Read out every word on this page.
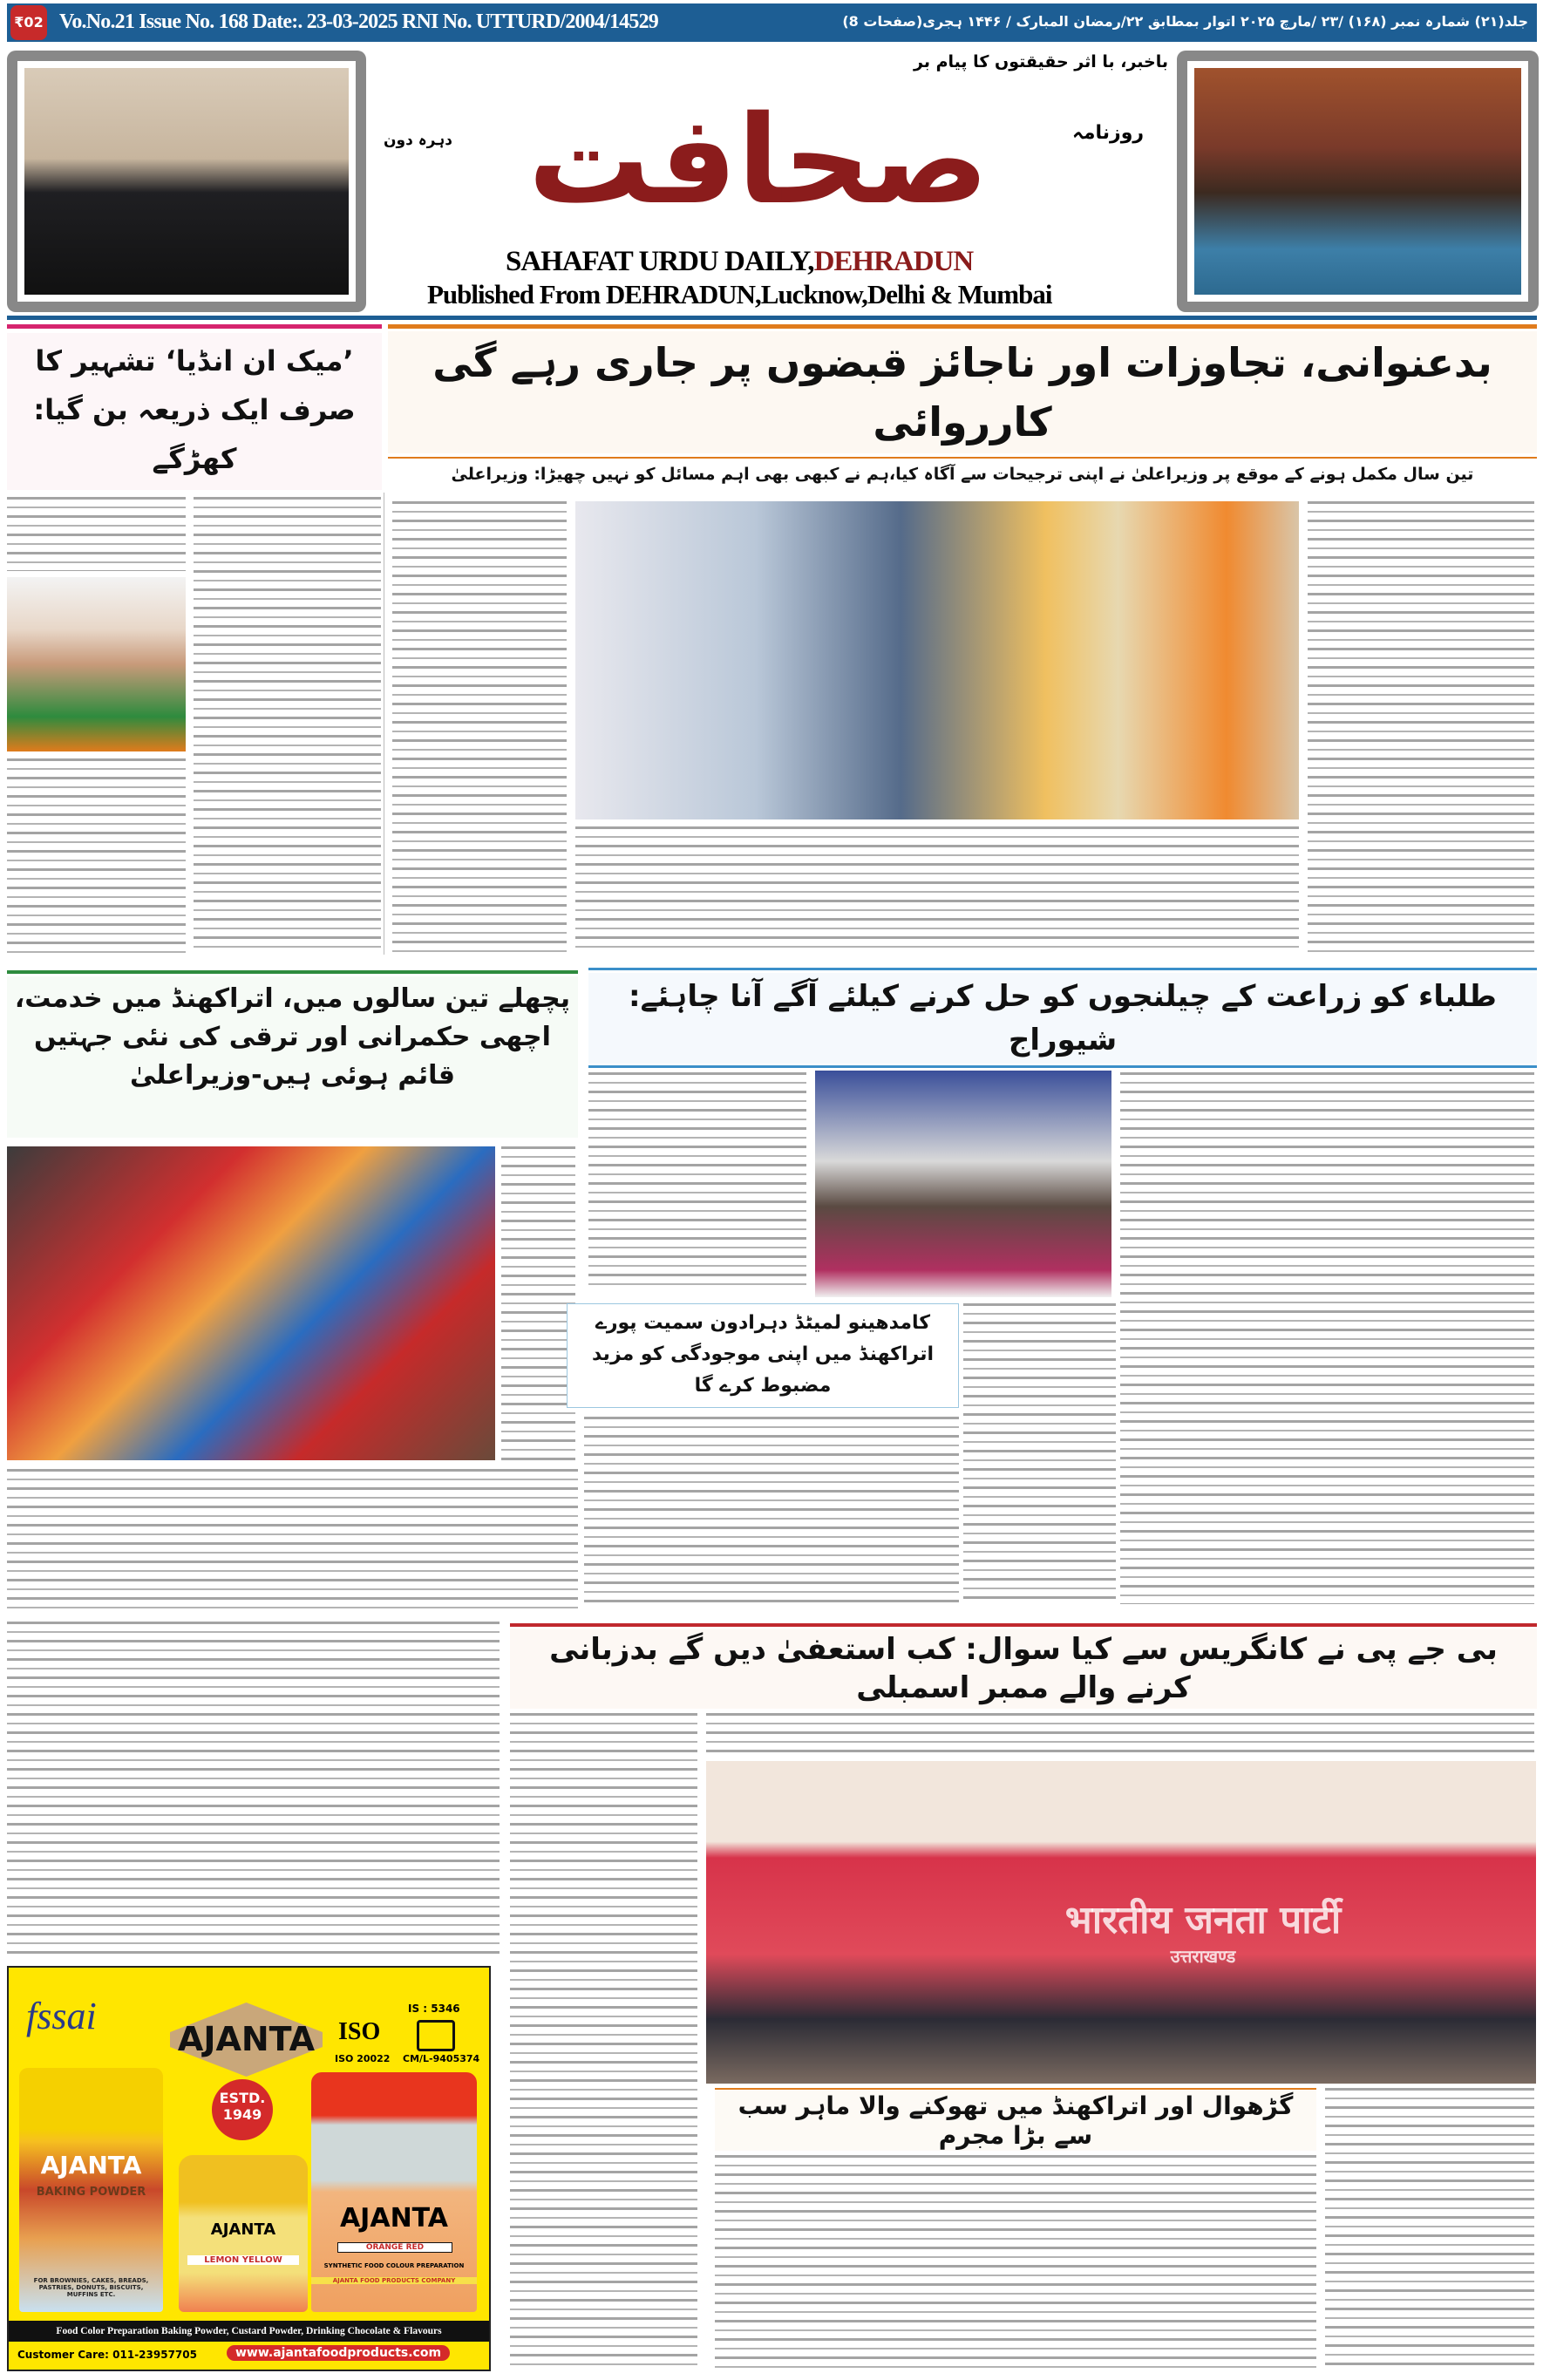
₹02 Vo.No.21 Issue No. 168 Date:. 23-03-2025 RNI No. UTTURD/2004/14529	جلد(۲۱) شمارہ نمبر (۱۶۸) /۲۳ /مارچ ۲۰۲۵ اتوار بمطابق ۲۲/رمضان المبارک / ۱۴۴۶ ہجری(صفحات 8)
باخبر، با اثر حقیقتوں کا پیام بر
صحافت	روزنامہ
دہرہ دون
SAHAFAT URDU DAILY,DEHRADUN
Published From DEHRADUN,Lucknow,Delhi & Mumbai
بدعنوانی، تجاوزات اور ناجائز قبضوں پر جاری رہے گی کارروائی
تین سال مکمل ہونے کے موقع پر وزیراعلیٰ نے اپنی ترجیحات سے آگاہ کیا،ہم نے کبھی بھی اہم مسائل کو نہیں چھیڑا: وزیراعلیٰ
’میک ان انڈیا‘ تشہیر کا صرف ایک ذریعہ بن گیا: کھڑگے
پچھلے تین سالوں میں، اتراکھنڈ میں خدمت، اچھی حکمرانی اور ترقی کی نئی جہتیں قائم ہوئی ہیں-وزیراعلیٰ
طلباء کو زراعت کے چیلنجوں کو حل کرنے کیلئے آگے آنا چاہئے: شیوراج
کامدھینو لمیٹڈ دہرادون سمیت پورے اتراکھنڈ میں اپنی موجودگی کو مزید مضبوط کرے گا
بی جے پی نے کانگریس سے کیا سوال: کب استعفیٰ دیں گے بدزبانی کرنے والے ممبر اسمبلی
भारतीय जनता पार्टी
उत्तराखण्ड
گڑھوال اور اتراکھنڈ میں تھوکنے والا ماہر سب سے بڑا مجرم
fssai
AJANTA ISO
ISO 20022
IS : 5346
CM/L-9405374
AJANTA
BAKING POWDER
FOR BROWNIES, CAKES, BREADS, PASTRIES, DONUTS, BISCUITS, MUFFINS ETC.
ESTD.
1949
AJANTA
LEMON YELLOW
AJANTA
ORANGE RED
SYNTHETIC FOOD COLOUR PREPARATION
AJANTA FOOD PRODUCTS COMPANY
Food Color Preparation Baking Powder, Custard Powder, Drinking Chocolate & Flavours
Customer Care: 011-23957705	www.ajantafoodproducts.com
